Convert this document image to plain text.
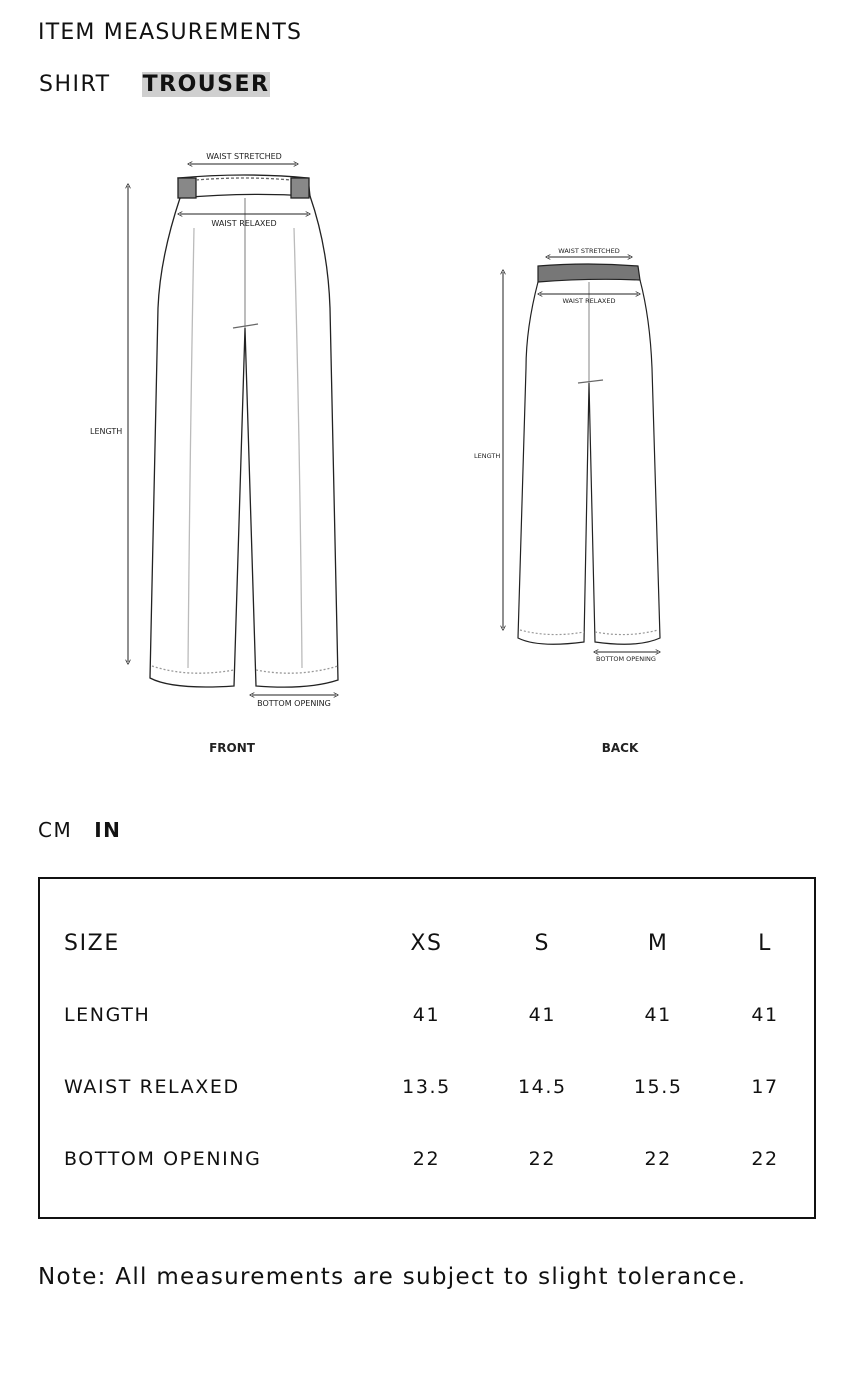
ITEM MEASUREMENTS
SHIRT TROUSER
WAIST STRETCHED
WAIST RELAXED
LENGTH
BOTTOM OPENING
FRONT
WAIST STRETCHED
WAIST RELAXED
LENGTH
BOTTOM OPENING
BACK
CM IN
SIZE	XS	S	M	L
LENGTH	41	41	41	41
WAIST RELAXED	13.5	14.5	15.5	17
BOTTOM OPENING	22	22	22	22
Note: All measurements are subject to slight tolerance.
